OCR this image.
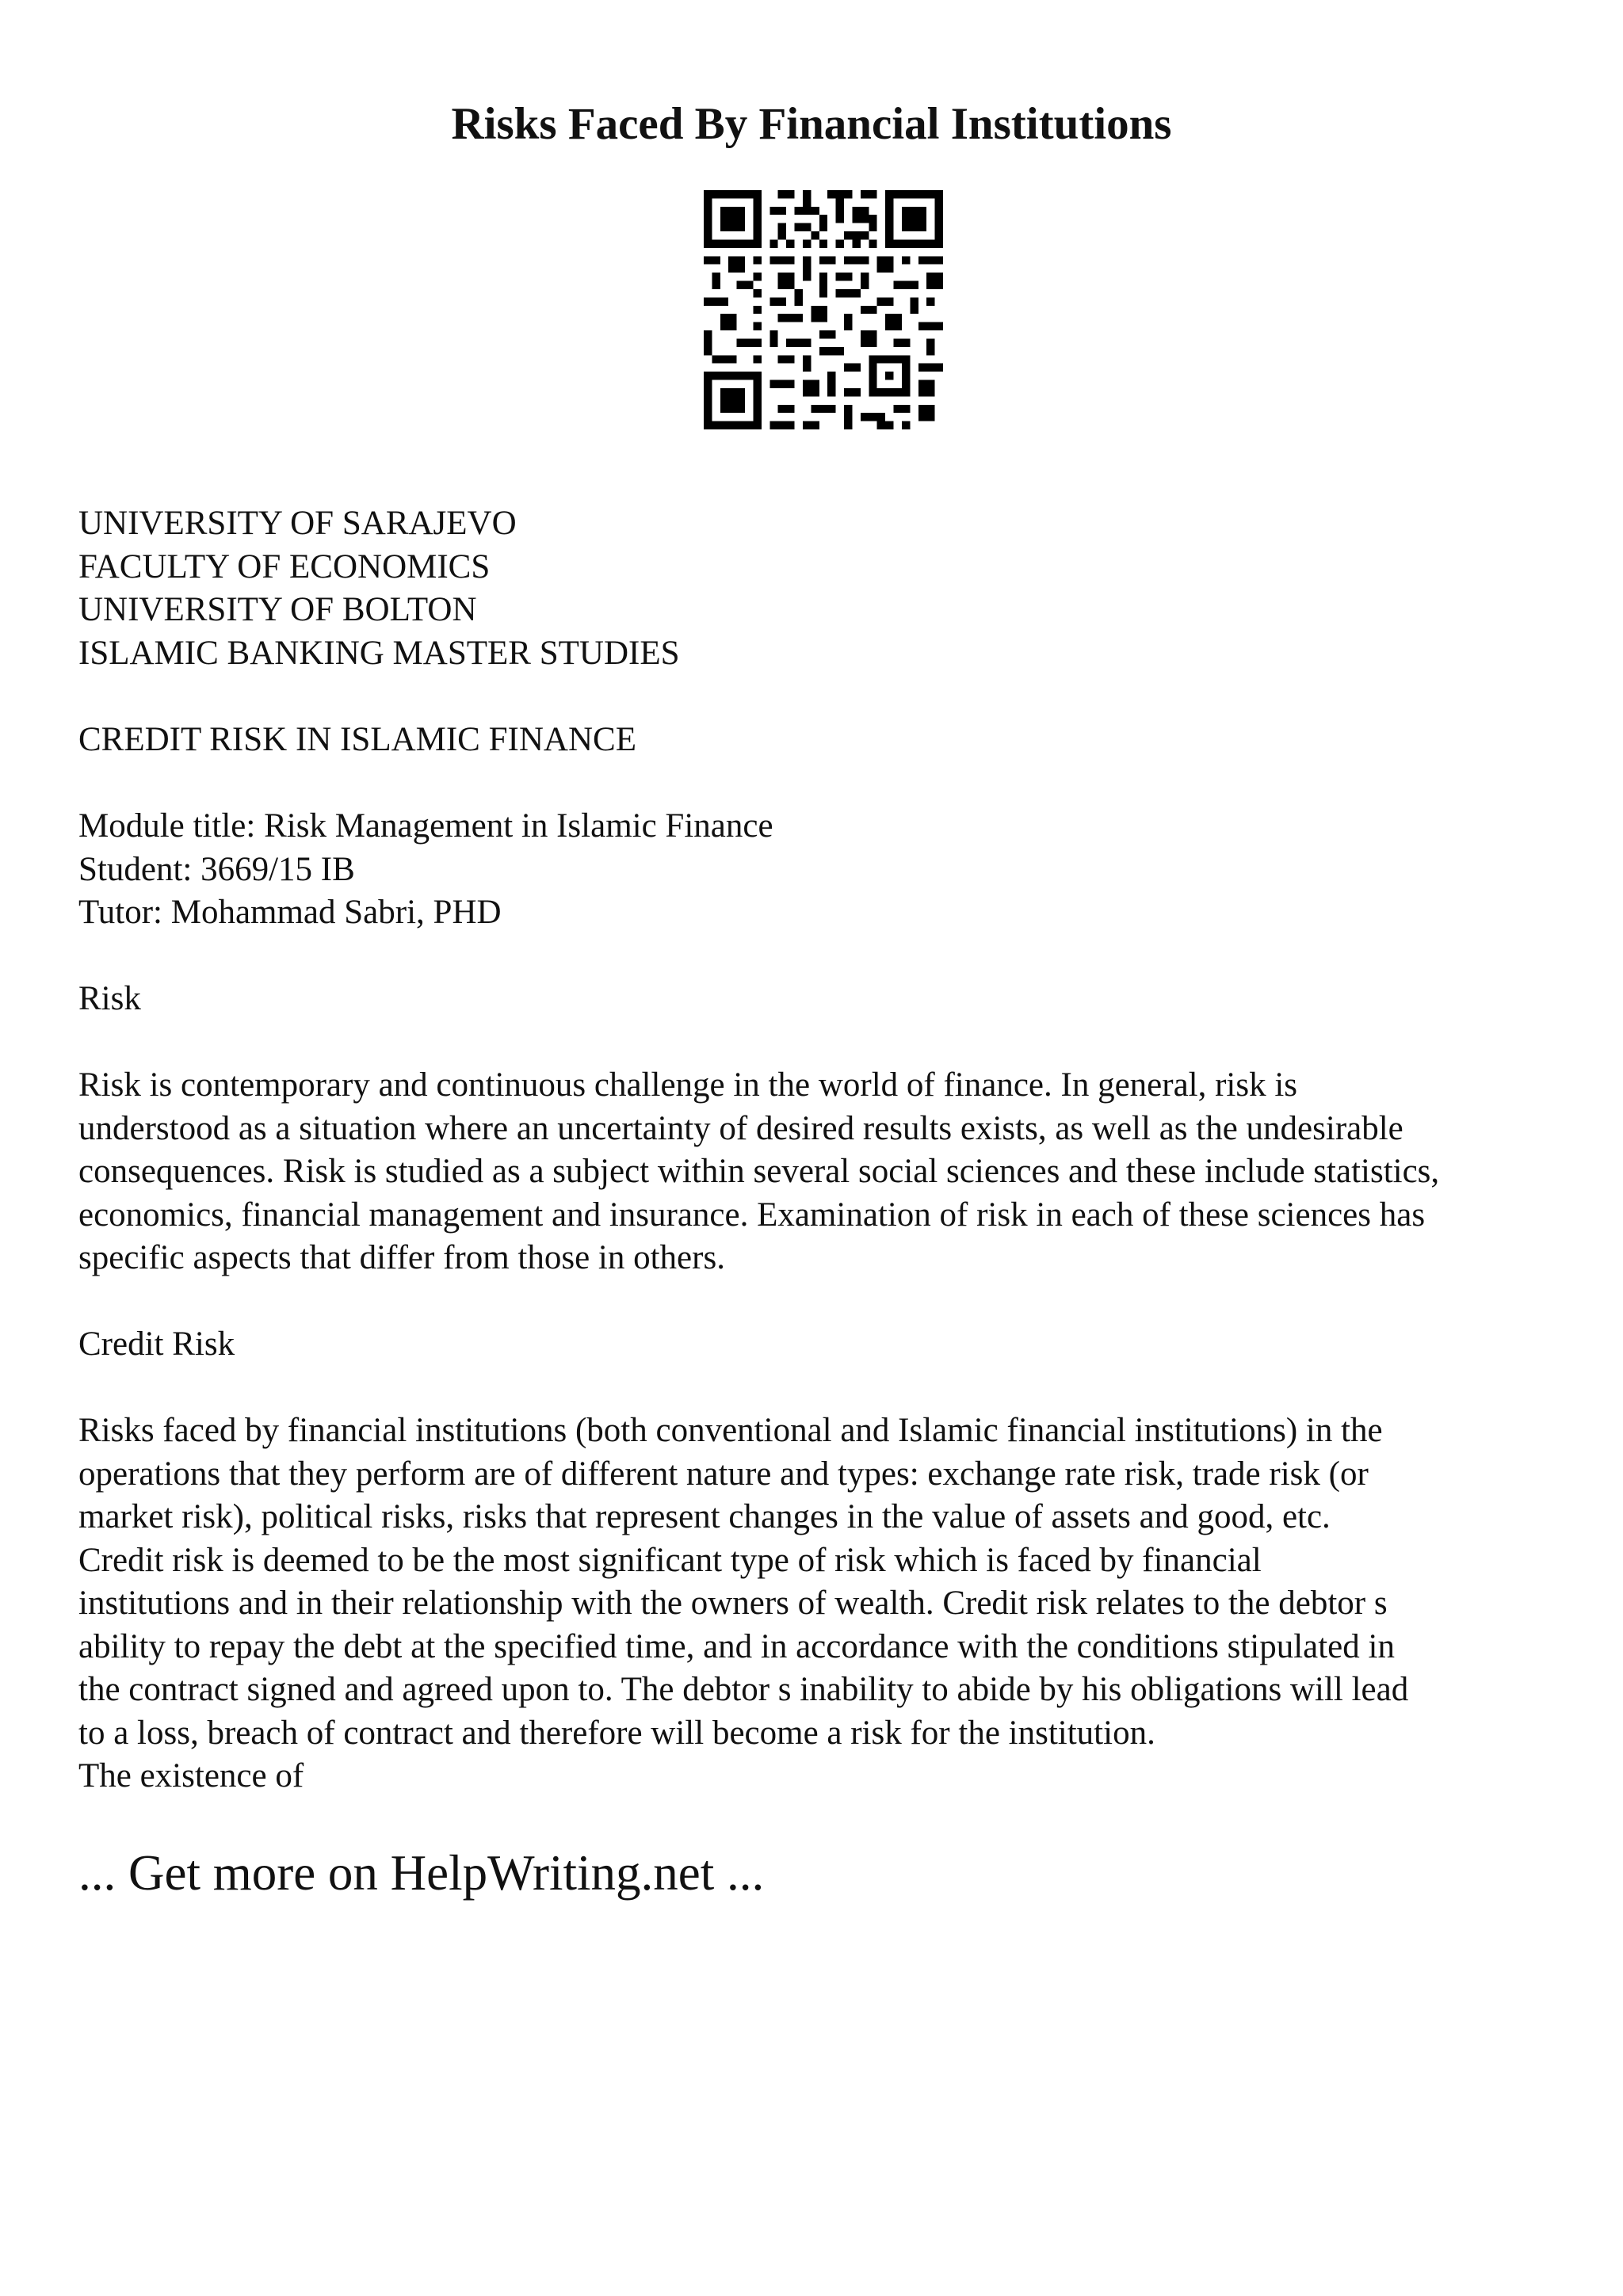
Risks Faced By Financial Institutions
UNIVERSITY OF SARAJEVO
FACULTY OF ECONOMICS
UNIVERSITY OF BOLTON
ISLAMIC BANKING MASTER STUDIES
CREDIT RISK IN ISLAMIC FINANCE
Module title: Risk Management in Islamic Finance
Student: 3669/15 IB
Tutor: Mohammad Sabri, PHD
Risk
Risk is contemporary and continuous challenge in the world of finance. In general, risk is
understood as a situation where an uncertainty of desired results exists, as well as the undesirable
consequences. Risk is studied as a subject within several social sciences and these include statistics,
economics, financial management and insurance. Examination of risk in each of these sciences has
specific aspects that differ from those in others.
Credit Risk
Risks faced by financial institutions (both conventional and Islamic financial institutions) in the
operations that they perform are of different nature and types: exchange rate risk, trade risk (or
market risk), political risks, risks that represent changes in the value of assets and good, etc.
Credit risk is deemed to be the most significant type of risk which is faced by financial
institutions and in their relationship with the owners of wealth. Credit risk relates to the debtor s
ability to repay the debt at the specified time, and in accordance with the conditions stipulated in
the contract signed and agreed upon to. The debtor s inability to abide by his obligations will lead
to a loss, breach of contract and therefore will become a risk for the institution.
The existence of
... Get more on HelpWriting.net ...
